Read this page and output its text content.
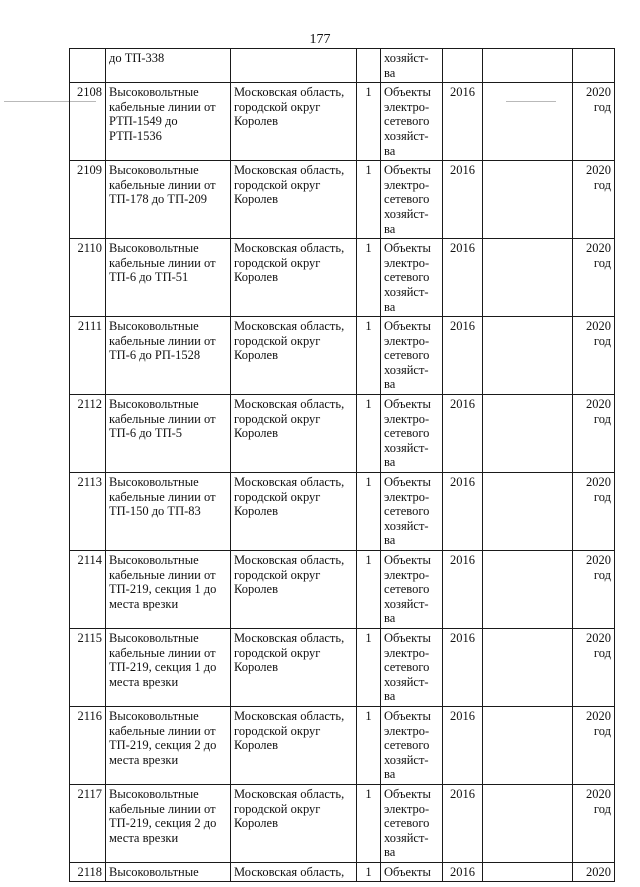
177
	до ТП-338			хозяйст-
ва			
2108	Высоковольтные кабельные линии от РТП-1549 до РТП-1536	Московская область, городской округ Королев	1	Объекты электро-сетевого хозяйст-ва	2016		2020 год
2109	Высоковольтные кабельные линии от ТП-178 до ТП-209	Московская область, городской округ Королев	1	Объекты электро-сетевого хозяйст-ва	2016		2020 год
2110	Высоковольтные кабельные линии от ТП-6 до ТП-51	Московская область, городской округ Королев	1	Объекты электро-сетевого хозяйст-ва	2016		2020 год
2111	Высоковольтные кабельные линии от ТП-6 до РП-1528	Московская область, городской округ Королев	1	Объекты электро-сетевого хозяйст-ва	2016		2020 год
2112	Высоковольтные кабельные линии от ТП-6 до ТП-5	Московская область, городской округ Королев	1	Объекты электро-сетевого хозяйст-ва	2016		2020 год
2113	Высоковольтные кабельные линии от ТП-150 до ТП-83	Московская область, городской округ Королев	1	Объекты электро-сетевого хозяйст-ва	2016		2020 год
2114	Высоковольтные кабельные линии от ТП-219, секция 1 до места врезки	Московская область, городской округ Королев	1	Объекты электро-сетевого хозяйст-ва	2016		2020 год
2115	Высоковольтные кабельные линии от ТП-219, секция 1 до места врезки	Московская область, городской округ Королев	1	Объекты электро-сетевого хозяйст-ва	2016		2020 год
2116	Высоковольтные кабельные линии от ТП-219, секция 2 до места врезки	Московская область, городской округ Королев	1	Объекты электро-сетевого хозяйст-ва	2016		2020 год
2117	Высоковольтные кабельные линии от ТП-219, секция 2 до места врезки	Московская область, городской округ Королев	1	Объекты электро-сетевого хозяйст-ва	2016		2020 год
2118	Высоковольтные	Московская область,	1	Объекты	2016		2020
